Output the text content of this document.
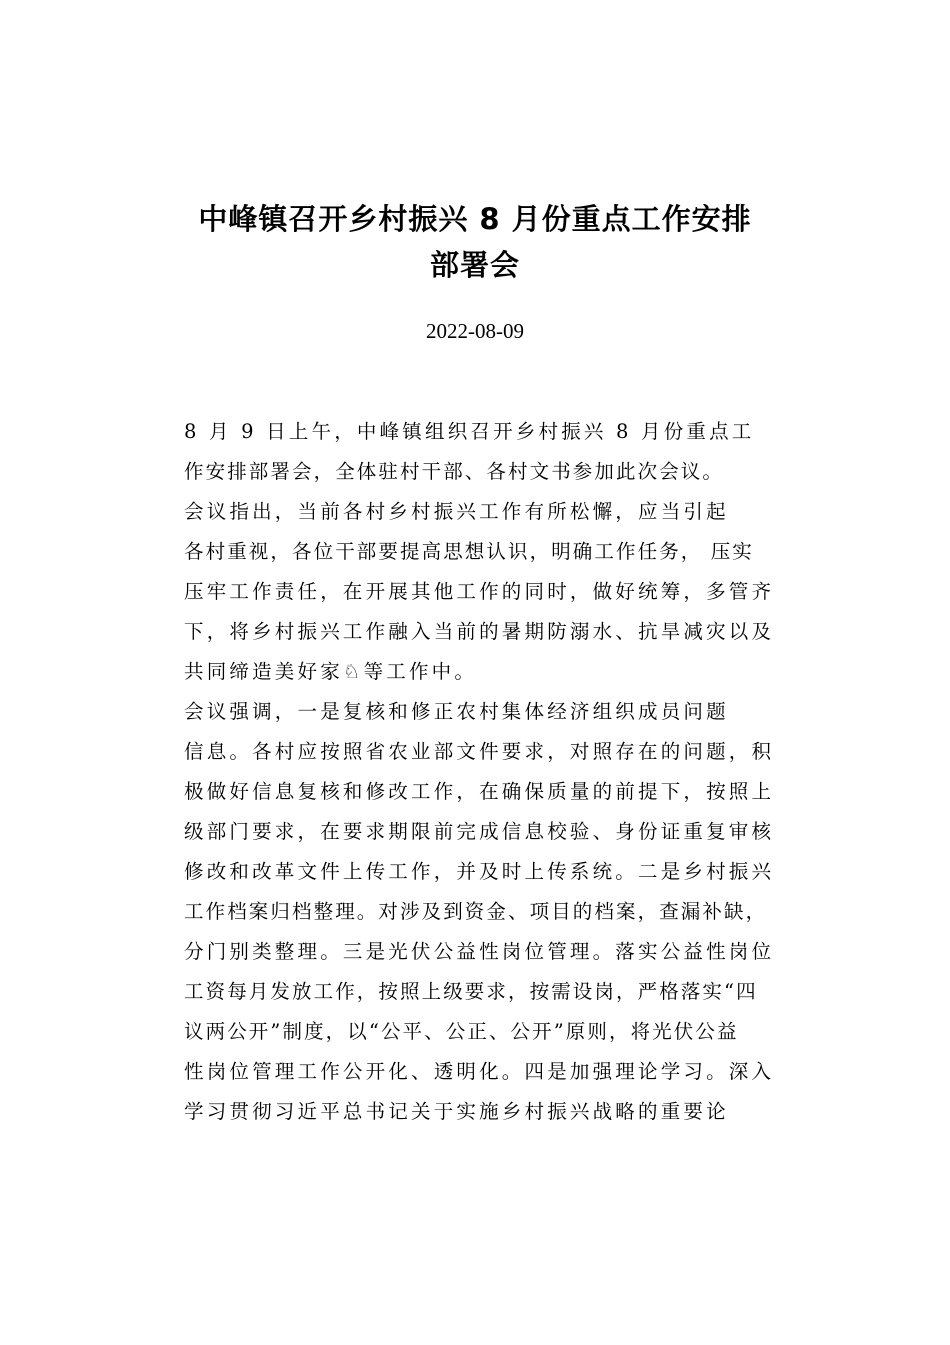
中峰镇召开乡村振兴 8 月份重点工作安排
部署会
2022-08-09

8 月 9 日上午，中峰镇组织召开乡村振兴 8 月份重点工
作安排部署会，全体驻村干部、各村文书参加此次会议。

会议指出，当前各村乡村振兴工作有所松懈，应当引起
各村重视，各位干部要提高思想认识，明确工作任务， 压实
压牢工作责任，在开展其他工作的同时，做好统筹，多管齐
下，将乡村振兴工作融入当前的暑期防溺水、抗旱减灾以及
共同缔造美好家♘等工作中。

会议强调，一是复核和修正农村集体经济组织成员问题
信息。各村应按照省农业部文件要求，对照存在的问题，积
极做好信息复核和修改工作，在确保质量的前提下，按照上
级部门要求，在要求期限前完成信息校验、身份证重复审核
修改和改革文件上传工作，并及时上传系统。二是乡村振兴
工作档案归档整理。对涉及到资金、项目的档案，查漏补缺，
分门别类整理。三是光伏公益性岗位管理。落实公益性岗位
工资每月发放工作，按照上级要求，按需设岗，严格落实“四
议两公开”制度，以“公平、公正、公开”原则，将光伏公益
性岗位管理工作公开化、透明化。四是加强理论学习。深入
学习贯彻习近平总书记关于实施乡村振兴战略的重要论
